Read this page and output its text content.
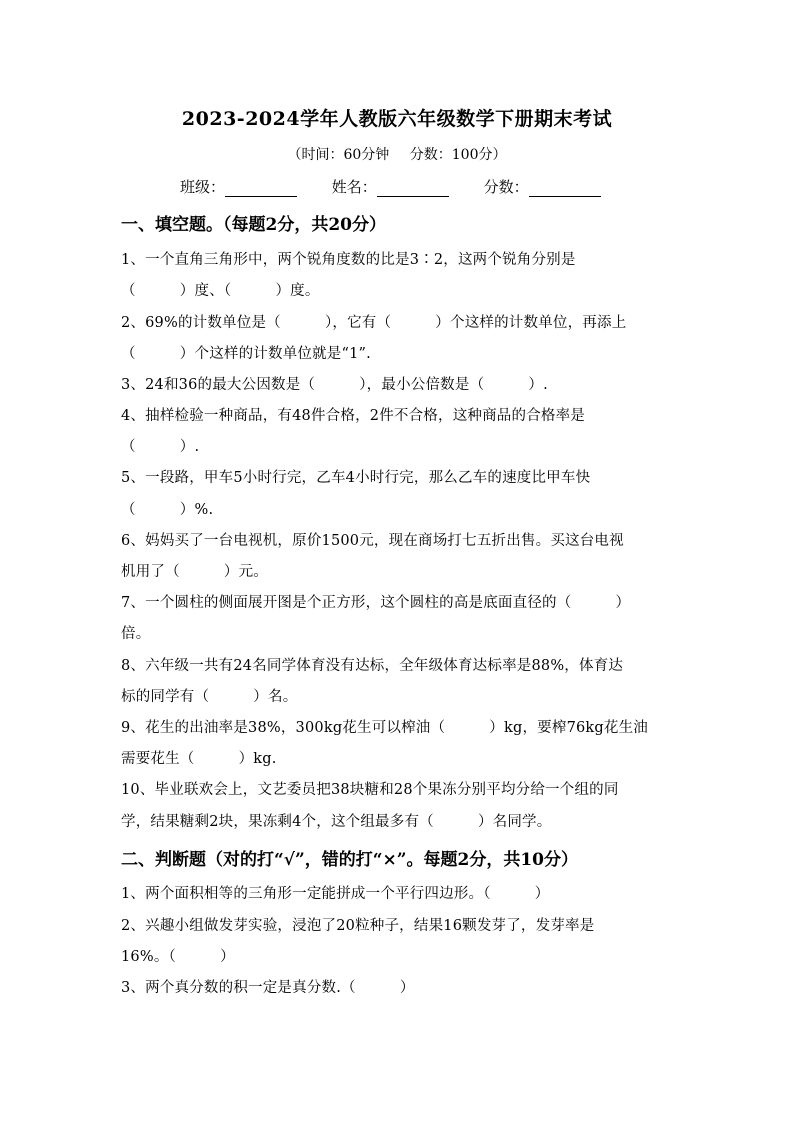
2023-2024学年人教版六年级数学下册期末考试
（时间：60分钟 分数：100分）
班级：	姓名：	分数：
一、填空题。（每题2分，共20分）
1、一个直角三角形中，两个锐角度数的比是3∶2，这两个锐角分别是
（　　　）度、（　　　）度。
2、69%的计数单位是（　　　），它有（　　　）个这样的计数单位，再添上
（　　　）个这样的计数单位就是“1”.
3、24和36的最大公因数是（　　　），最小公倍数是（　　　）.
4、抽样检验一种商品，有48件合格，2件不合格，这种商品的合格率是
（　　　）.
5、一段路，甲车5小时行完，乙车4小时行完，那么乙车的速度比甲车快
（　　　）%.
6、妈妈买了一台电视机，原价1500元，现在商场打七五折出售。买这台电视
机用了（　　　）元。
7、一个圆柱的侧面展开图是个正方形，这个圆柱的高是底面直径的（　　　）
倍。
8、六年级一共有24名同学体育没有达标，全年级体育达标率是88%，体育达
标的同学有（　　　）名。
9、花生的出油率是38%，300kg花生可以榨油（　　　）kg，要榨76kg花生油
需要花生（　　　）kg.
10、毕业联欢会上，文艺委员把38块糖和28个果冻分别平均分给一个组的同
学，结果糖剩2块，果冻剩4个，这个组最多有（　　　）名同学。
二、判断题（对的打“√”，错的打“×”。每题2分，共10分）
1、两个面积相等的三角形一定能拼成一个平行四边形。（　　　）
2、兴趣小组做发芽实验，浸泡了20粒种子，结果16颗发芽了，发芽率是
16%。（　　　）
3、两个真分数的积一定是真分数.（　　　）
